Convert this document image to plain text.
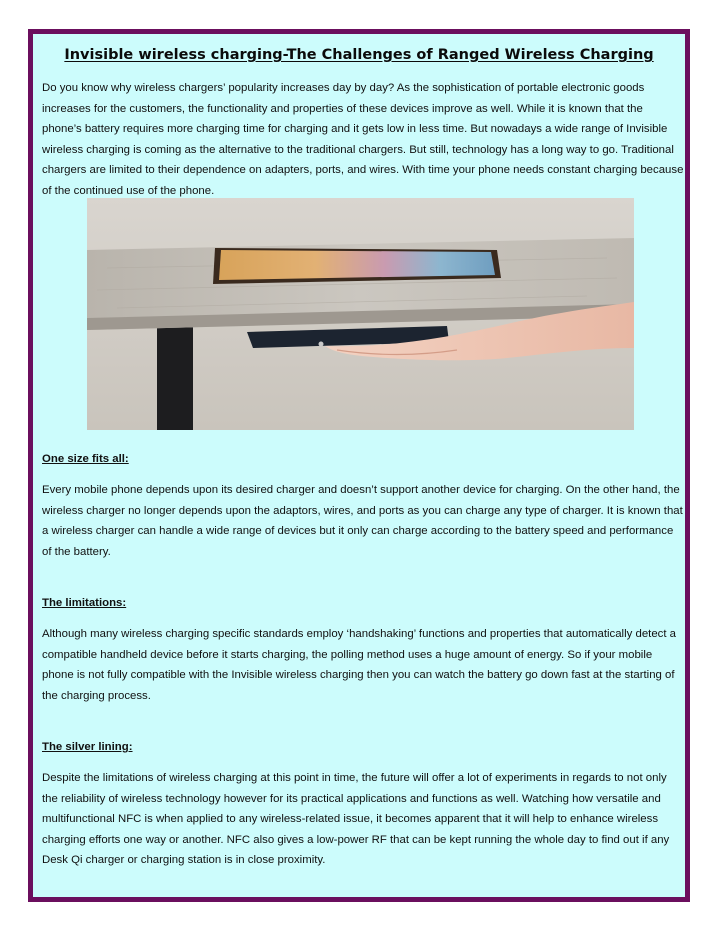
Invisible wireless charging-The Challenges of Ranged Wireless Charging

Do you know why wireless chargers’ popularity increases day by day? As the sophistication of portable electronic goods increases for the customers, the functionality and properties of these devices improve as well. While it is known that the phone’s battery requires more charging time for charging and it gets low in less time. But nowadays a wide range of Invisible wireless charging is coming as the alternative to the traditional chargers. But still, technology has a long way to go. Traditional chargers are limited to their dependence on adapters, ports, and wires. With time your phone needs constant charging because of the continued use of the phone.

One size fits all:

Every mobile phone depends upon its desired charger and doesn’t support another device for charging. On the other hand, the wireless charger no longer depends upon the adaptors, wires, and ports as you can charge any type of charger. It is known that a wireless charger can handle a wide range of devices but it only can charge according to the battery speed and performance of the battery.

The limitations:

Although many wireless charging specific standards employ ‘handshaking’ functions and properties that automatically detect a compatible handheld device before it starts charging, the polling method uses a huge amount of energy. So if your mobile phone is not fully compatible with the Invisible wireless charging then you can watch the battery go down fast at the starting of the charging process.

The silver lining:

Despite the limitations of wireless charging at this point in time, the future will offer a lot of experiments in regards to not only the reliability of wireless technology however for its practical applications and functions as well. Watching how versatile and multifunctional NFC is when applied to any wireless-related issue, it becomes apparent that it will help to enhance wireless charging efforts one way or another. NFC also gives a low-power RF that can be kept running the whole day to find out if any Desk Qi charger or charging station is in close proximity.
